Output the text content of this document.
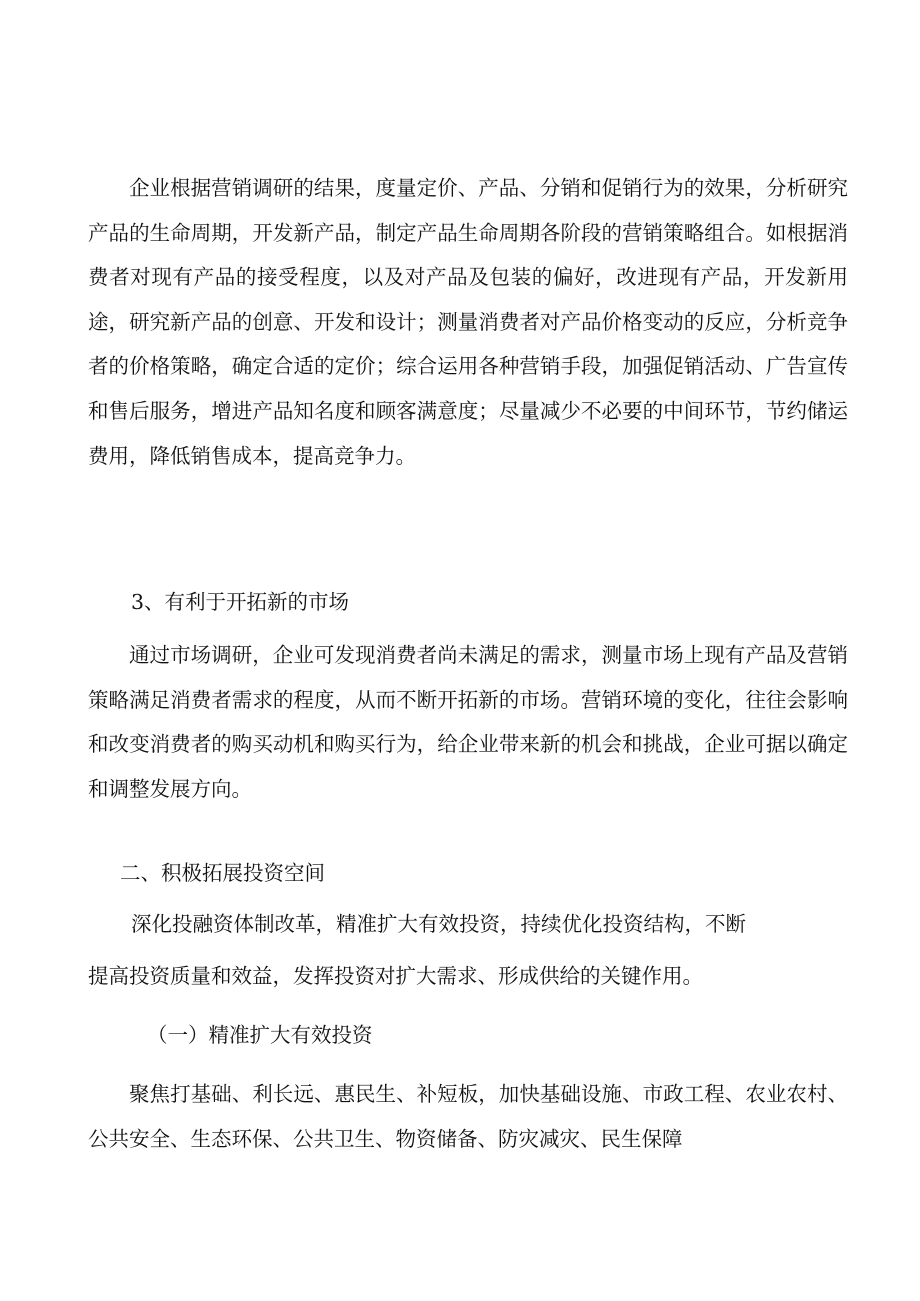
企业根据营销调研的结果，度量定价、产品、分销和促销行为的效果，分析研究产品的生命周期，开发新产品，制定产品生命周期各阶段的营销策略组合。如根据消费者对现有产品的接受程度，以及对产品及包装的偏好，改进现有产品，开发新用途，研究新产品的创意、开发和设计；测量消费者对产品价格变动的反应，分析竞争者的价格策略，确定合适的定价；综合运用各种营销手段，加强促销活动、广告宣传和售后服务，增进产品知名度和顾客满意度；尽量减少不必要的中间环节，节约储运费用，降低销售成本，提高竞争力。

3、有利于开拓新的市场

通过市场调研，企业可发现消费者尚未满足的需求，测量市场上现有产品及营销策略满足消费者需求的程度，从而不断开拓新的市场。营销环境的变化，往往会影响和改变消费者的购买动机和购买行为，给企业带来新的机会和挑战，企业可据以确定和调整发展方向。

二、积极拓展投资空间

深化投融资体制改革，精准扩大有效投资，持续优化投资结构，不断

提高投资质量和效益，发挥投资对扩大需求、形成供给的关键作用。

（一）精准扩大有效投资

聚焦打基础、利长远、惠民生、补短板，加快基础设施、市政工程、农业农村、公共安全、生态环保、公共卫生、物资储备、防灾减灾、民生保障
